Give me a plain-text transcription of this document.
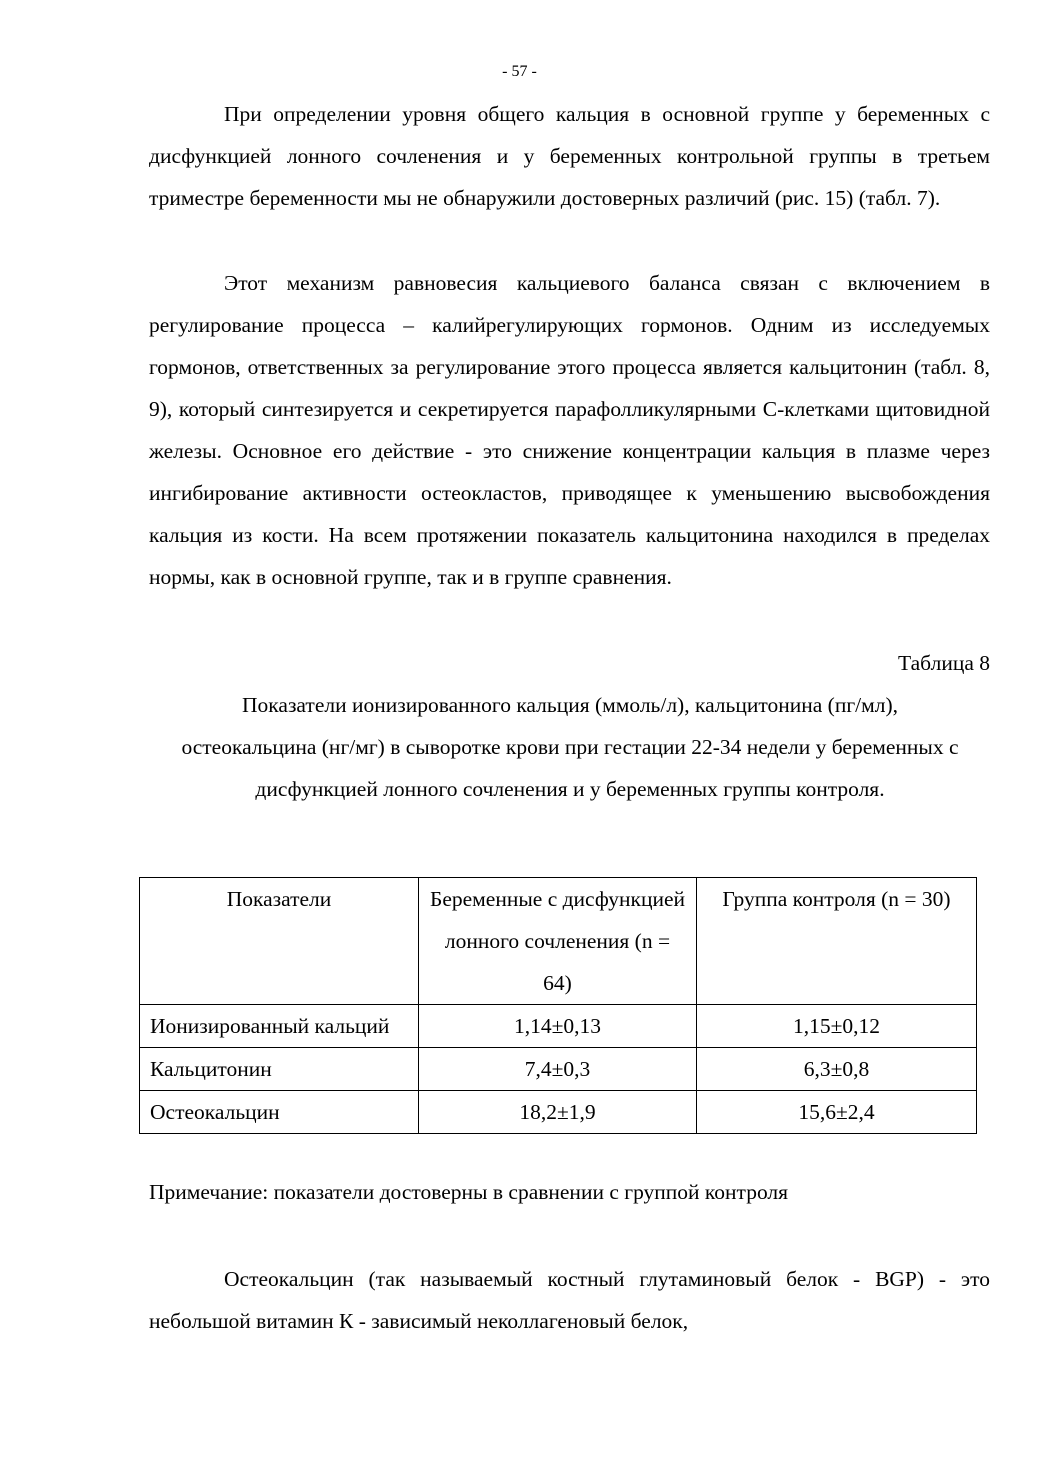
- 57 -

При определении уровня общего кальция в основной группе у беременных с дисфункцией лонного сочленения и у беременных контрольной группы в третьем триместре беременности мы не обнаружили достоверных различий (рис. 15) (табл. 7).

Этот механизм равновесия кальциевого баланса связан с включением в регулирование процесса – калийрегулирующих гормонов. Одним из исследуемых гормонов, ответственных за регулирование этого процесса является кальцитонин (табл. 8, 9), который синтезируется и секретируется парафолликулярными С-клетками щитовидной железы. Основное его действие - это снижение концентрации кальция в плазме через ингибирование активности остеокластов, приводящее к уменьшению высвобождения кальция из кости. На всем протяжении показатель кальцитонина находился в пределах нормы, как в основной группе, так и в группе сравнения.

Таблица 8

Показатели ионизированного кальция (ммоль/л), кальцитонина (пг/мл), остеокальцина (нг/мг) в сыворотке крови при гестации 22-34 недели у беременных с дисфункцией лонного сочленения и у беременных группы контроля.

Показатели	Беременные с дисфункцией лонного сочленения (n = 64)	Группа контроля (n = 30)
Ионизированный кальций	1,14±0,13	1,15±0,12
Кальцитонин	7,4±0,3	6,3±0,8
Остеокальцин	18,2±1,9	15,6±2,4

Примечание: показатели достоверны в сравнении с группой контроля

Остеокальцин (так называемый костный глутаминовый белок - BGP) - это небольшой витамин К - зависимый неколлагеновый белок,
